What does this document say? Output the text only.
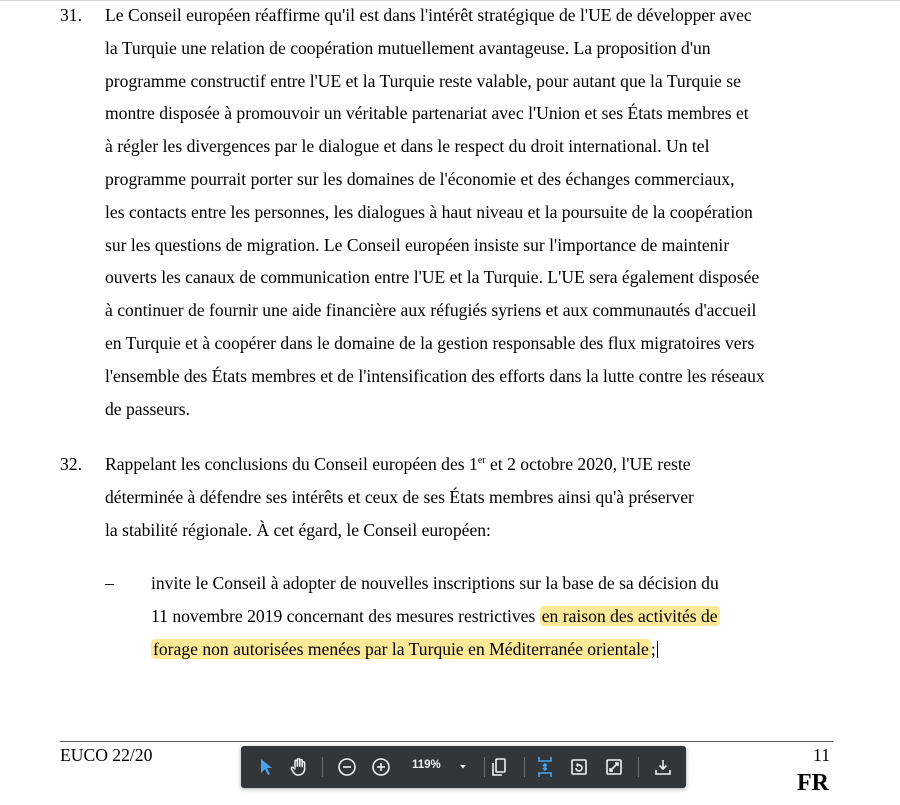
31. Le Conseil européen réaffirme qu'il est dans l'intérêt stratégique de l'UE de développer avec
la Turquie une relation de coopération mutuellement avantageuse. La proposition d'un
programme constructif entre l'UE et la Turquie reste valable, pour autant que la Turquie se
montre disposée à promouvoir un véritable partenariat avec l'Union et ses États membres et
à régler les divergences par le dialogue et dans le respect du droit international. Un tel
programme pourrait porter sur les domaines de l'économie et des échanges commerciaux,
les contacts entre les personnes, les dialogues à haut niveau et la poursuite de la coopération
sur les questions de migration. Le Conseil européen insiste sur l'importance de maintenir
ouverts les canaux de communication entre l'UE et la Turquie. L'UE sera également disposée
à continuer de fournir une aide financière aux réfugiés syriens et aux communautés d'accueil
en Turquie et à coopérer dans le domaine de la gestion responsable des flux migratoires vers
l'ensemble des États membres et de l'intensification des efforts dans la lutte contre les réseaux
de passeurs.
32. Rappelant les conclusions du Conseil européen des 1er et 2 octobre 2020, l'UE reste
déterminée à défendre ses intérêts et ceux de ses États membres ainsi qu'à préserver
la stabilité régionale. À cet égard, le Conseil européen:
– invite le Conseil à adopter de nouvelles inscriptions sur la base de sa décision du
11 novembre 2019 concernant des mesures restrictives en raison des activités de
forage non autorisées menées par la Turquie en Méditerranée orientale ;
EUCO 22/20	11
FR
119%
